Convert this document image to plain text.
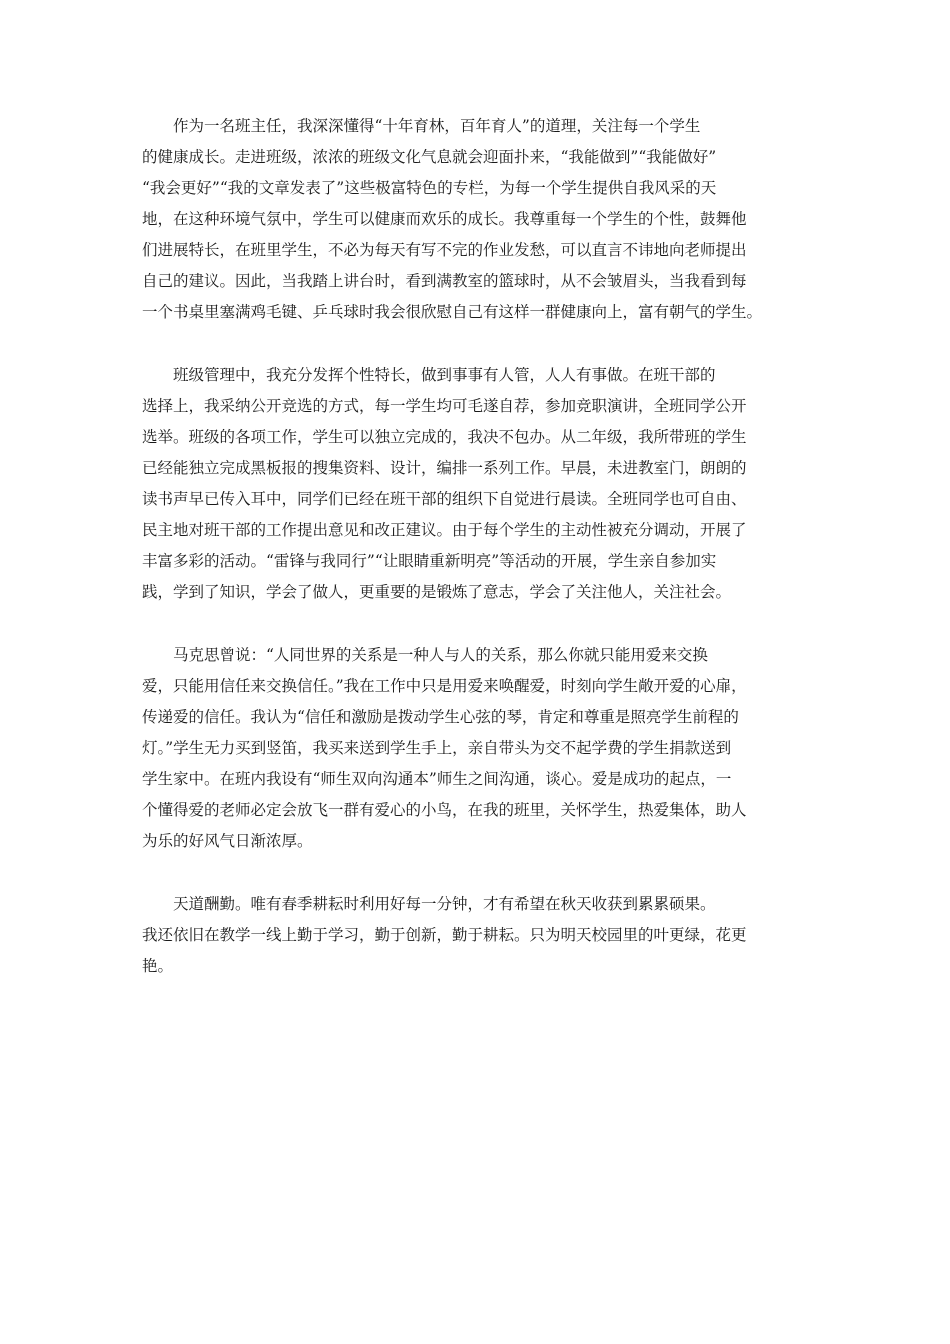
作为一名班主任，我深深懂得“十年育林，百年育人”的道理，关注每一个学生
的健康成长。走进班级，浓浓的班级文化气息就会迎面扑来，“我能做到”“我能做好”
“我会更好”“我的文章发表了”这些极富特色的专栏，为每一个学生提供自我风采的天
地，在这种环境气氛中，学生可以健康而欢乐的成长。我尊重每一个学生的个性，鼓舞他
们进展特长，在班里学生，不必为每天有写不完的作业发愁，可以直言不讳地向老师提出
自己的建议。因此，当我踏上讲台时，看到满教室的篮球时，从不会皱眉头，当我看到每
一个书桌里塞满鸡毛键、乒乓球时我会很欣慰自己有这样一群健康向上，富有朝气的学生。

班级管理中，我充分发挥个性特长，做到事事有人管，人人有事做。在班干部的
选择上，我采纳公开竞选的方式，每一学生均可毛遂自荐，参加竞职演讲，全班同学公开
选举。班级的各项工作，学生可以独立完成的，我决不包办。从二年级，我所带班的学生
已经能独立完成黑板报的搜集资料、设计，编排一系列工作。早晨，未进教室门，朗朗的
读书声早已传入耳中，同学们已经在班干部的组织下自觉进行晨读。全班同学也可自由、
民主地对班干部的工作提出意见和改正建议。由于每个学生的主动性被充分调动，开展了
丰富多彩的活动。“雷锋与我同行”“让眼睛重新明亮”等活动的开展，学生亲自参加实
践，学到了知识，学会了做人，更重要的是锻炼了意志，学会了关注他人，关注社会。

马克思曾说：“人同世界的关系是一种人与人的关系，那么你就只能用爱来交换
爱，只能用信任来交换信任。”我在工作中只是用爱来唤醒爱，时刻向学生敞开爱的心扉，
传递爱的信任。我认为“信任和激励是拨动学生心弦的琴，肯定和尊重是照亮学生前程的
灯。”学生无力买到竖笛，我买来送到学生手上，亲自带头为交不起学费的学生捐款送到
学生家中。在班内我设有“师生双向沟通本”师生之间沟通，谈心。爱是成功的起点，一
个懂得爱的老师必定会放飞一群有爱心的小鸟，在我的班里，关怀学生，热爱集体，助人
为乐的好风气日渐浓厚。

天道酬勤。唯有春季耕耘时利用好每一分钟，才有希望在秋天收获到累累硕果。
我还依旧在教学一线上勤于学习，勤于创新，勤于耕耘。只为明天校园里的叶更绿，花更
艳。
